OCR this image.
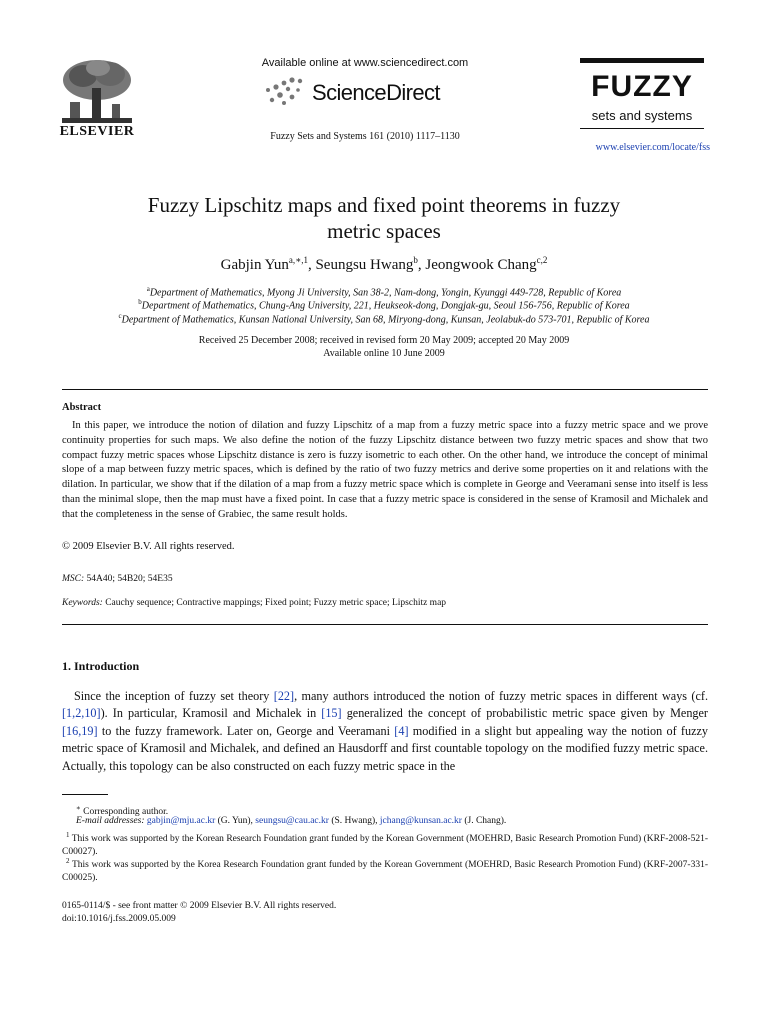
ELSEVIER
Available online at www.sciencedirect.com
ScienceDirect
Fuzzy Sets and Systems 161 (2010) 1117–1130
FUZZY
sets and systems
www.elsevier.com/locate/fss
Fuzzy Lipschitz maps and fixed point theorems in fuzzy
metric spaces
Gabjin Yun$^{a,∗,1}$, Seungsu Hwang$^b$, Jeongwook Chang$^{c,2}$
$^a$Department of Mathematics, Myong Ji University, San 38-2, Nam-dong, Yongin, Kyunggi 449-728, Republic of Korea
$^b$Department of Mathematics, Chung-Ang University, 221, Heukseok-dong, Dongjak-gu, Seoul 156-756, Republic of Korea
$^c$Department of Mathematics, Kunsan National University, San 68, Miryong-dong, Kunsan, Jeolabuk-do 573-701, Republic of Korea
Received 25 December 2008; received in revised form 20 May 2009; accepted 20 May 2009
Available online 10 June 2009
Abstract
In this paper, we introduce the notion of dilation and fuzzy Lipschitz of a map from a fuzzy metric space into a fuzzy metric space and we prove continuity properties for such maps. We also define the notion of the fuzzy Lipschitz distance between two fuzzy metric spaces and show that two compact fuzzy metric spaces whose Lipschitz distance is zero is fuzzy isometric to each other. On the other hand, we introduce the concept of minimal slope of a map between fuzzy metric spaces, which is defined by the ratio of two fuzzy metrics and derive some properties on it and relations with the dilation. In particular, we show that if the dilation of a map from a fuzzy metric space which is complete in George and Veeramani sense into itself is less than the minimal slope, then the map must have a fixed point. In case that a fuzzy metric space is considered in the sense of Kramosil and Michalek and that the completeness in the sense of Grabiec, the same result holds.
© 2009 Elsevier B.V. All rights reserved.
MSC: 54A40; 54B20; 54E35
Keywords: Cauchy sequence; Contractive mappings; Fixed point; Fuzzy metric space; Lipschitz map
1. Introduction
Since the inception of fuzzy set theory [22], many authors introduced the notion of fuzzy metric spaces in different ways (cf. [1,2,10]). In particular, Kramosil and Michalek in [15] generalized the concept of probabilistic metric space given by Menger [16,19] to the fuzzy framework. Later on, George and Veeramani [4] modified in a slight but appealing way the notion of fuzzy metric space of Kramosil and Michalek, and defined an Hausdorff and first countable topology on the modified fuzzy metric space. Actually, this topology can be also constructed on each fuzzy metric space in the
∗ Corresponding author.
E-mail addresses: gabjin@mju.ac.kr (G. Yun), seungsu@cau.ac.kr (S. Hwang), jchang@kunsan.ac.kr (J. Chang).
$^1$ This work was supported by the Korean Research Foundation grant funded by the Korean Government (MOEHRD, Basic Research Promotion Fund) (KRF-2008-521-C00027).
$^2$ This work was supported by the Korea Research Foundation grant funded by the Korean Government (MOEHRD, Basic Research Promotion Fund) (KRF-2007-331-C00025).
0165-0114/$ - see front matter © 2009 Elsevier B.V. All rights reserved.
doi:10.1016/j.fss.2009.05.009
